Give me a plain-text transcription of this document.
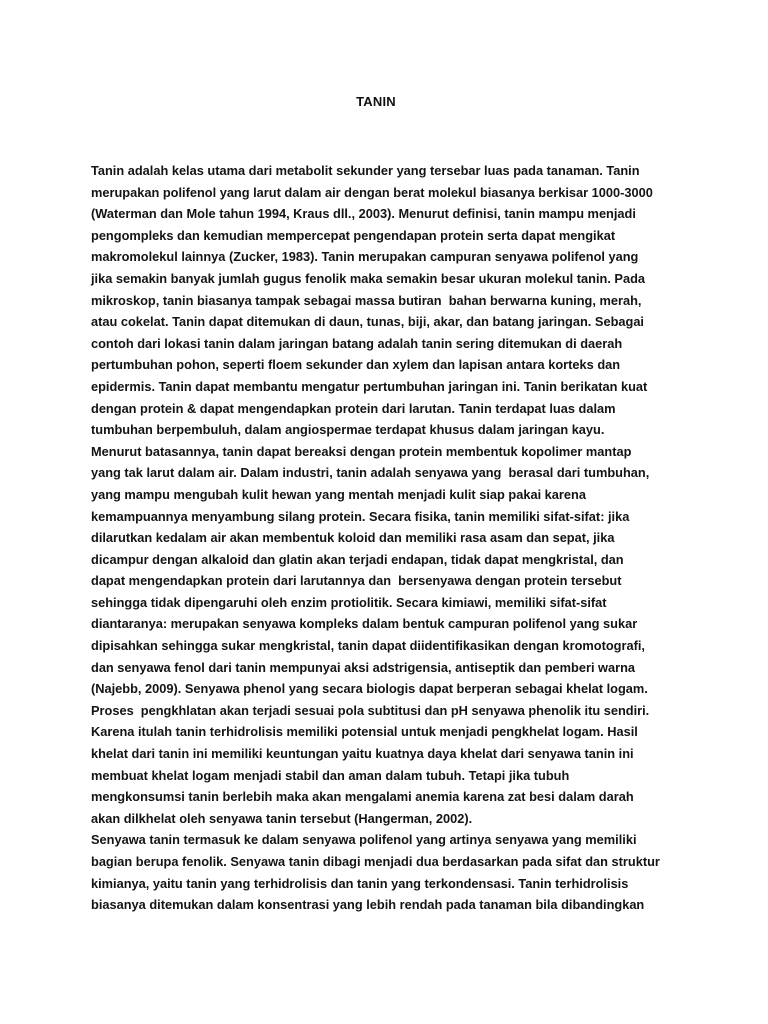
TANIN
Tanin adalah kelas utama dari metabolit sekunder yang tersebar luas pada tanaman. Tanin
merupakan polifenol yang larut dalam air dengan berat molekul biasanya berkisar 1000-3000
(Waterman dan Mole tahun 1994, Kraus dll., 2003). Menurut definisi, tanin mampu menjadi
pengompleks dan kemudian mempercepat pengendapan protein serta dapat mengikat
makromolekul lainnya (Zucker, 1983). Tanin merupakan campuran senyawa polifenol yang
jika semakin banyak jumlah gugus fenolik maka semakin besar ukuran molekul tanin. Pada
mikroskop, tanin biasanya tampak sebagai massa butiran  bahan berwarna kuning, merah,
atau cokelat. Tanin dapat ditemukan di daun, tunas, biji, akar, dan batang jaringan. Sebagai
contoh dari lokasi tanin dalam jaringan batang adalah tanin sering ditemukan di daerah
pertumbuhan pohon, seperti floem sekunder dan xylem dan lapisan antara korteks dan
epidermis. Tanin dapat membantu mengatur pertumbuhan jaringan ini. Tanin berikatan kuat
dengan protein & dapat mengendapkan protein dari larutan. Tanin terdapat luas dalam
tumbuhan berpembuluh, dalam angiospermae terdapat khusus dalam jaringan kayu.
Menurut batasannya, tanin dapat bereaksi dengan protein membentuk kopolimer mantap
yang tak larut dalam air. Dalam industri, tanin adalah senyawa yang  berasal dari tumbuhan,
yang mampu mengubah kulit hewan yang mentah menjadi kulit siap pakai karena
kemampuannya menyambung silang protein. Secara fisika, tanin memiliki sifat-sifat: jika
dilarutkan kedalam air akan membentuk koloid dan memiliki rasa asam dan sepat, jika
dicampur dengan alkaloid dan glatin akan terjadi endapan, tidak dapat mengkristal, dan
dapat mengendapkan protein dari larutannya dan  bersenyawa dengan protein tersebut
sehingga tidak dipengaruhi oleh enzim protiolitik. Secara kimiawi, memiliki sifat-sifat
diantaranya: merupakan senyawa kompleks dalam bentuk campuran polifenol yang sukar
dipisahkan sehingga sukar mengkristal, tanin dapat diidentifikasikan dengan kromotografi,
dan senyawa fenol dari tanin mempunyai aksi adstrigensia, antiseptik dan pemberi warna
(Najebb, 2009). Senyawa phenol yang secara biologis dapat berperan sebagai khelat logam.
Proses  pengkhlatan akan terjadi sesuai pola subtitusi dan pH senyawa phenolik itu sendiri.
Karena itulah tanin terhidrolisis memiliki potensial untuk menjadi pengkhelat logam. Hasil
khelat dari tanin ini memiliki keuntungan yaitu kuatnya daya khelat dari senyawa tanin ini
membuat khelat logam menjadi stabil dan aman dalam tubuh. Tetapi jika tubuh
mengkonsumsi tanin berlebih maka akan mengalami anemia karena zat besi dalam darah
akan dilkhelat oleh senyawa tanin tersebut (Hangerman, 2002).
Senyawa tanin termasuk ke dalam senyawa polifenol yang artinya senyawa yang memiliki
bagian berupa fenolik. Senyawa tanin dibagi menjadi dua berdasarkan pada sifat dan struktur
kimianya, yaitu tanin yang terhidrolisis dan tanin yang terkondensasi. Tanin terhidrolisis
biasanya ditemukan dalam konsentrasi yang lebih rendah pada tanaman bila dibandingkan
